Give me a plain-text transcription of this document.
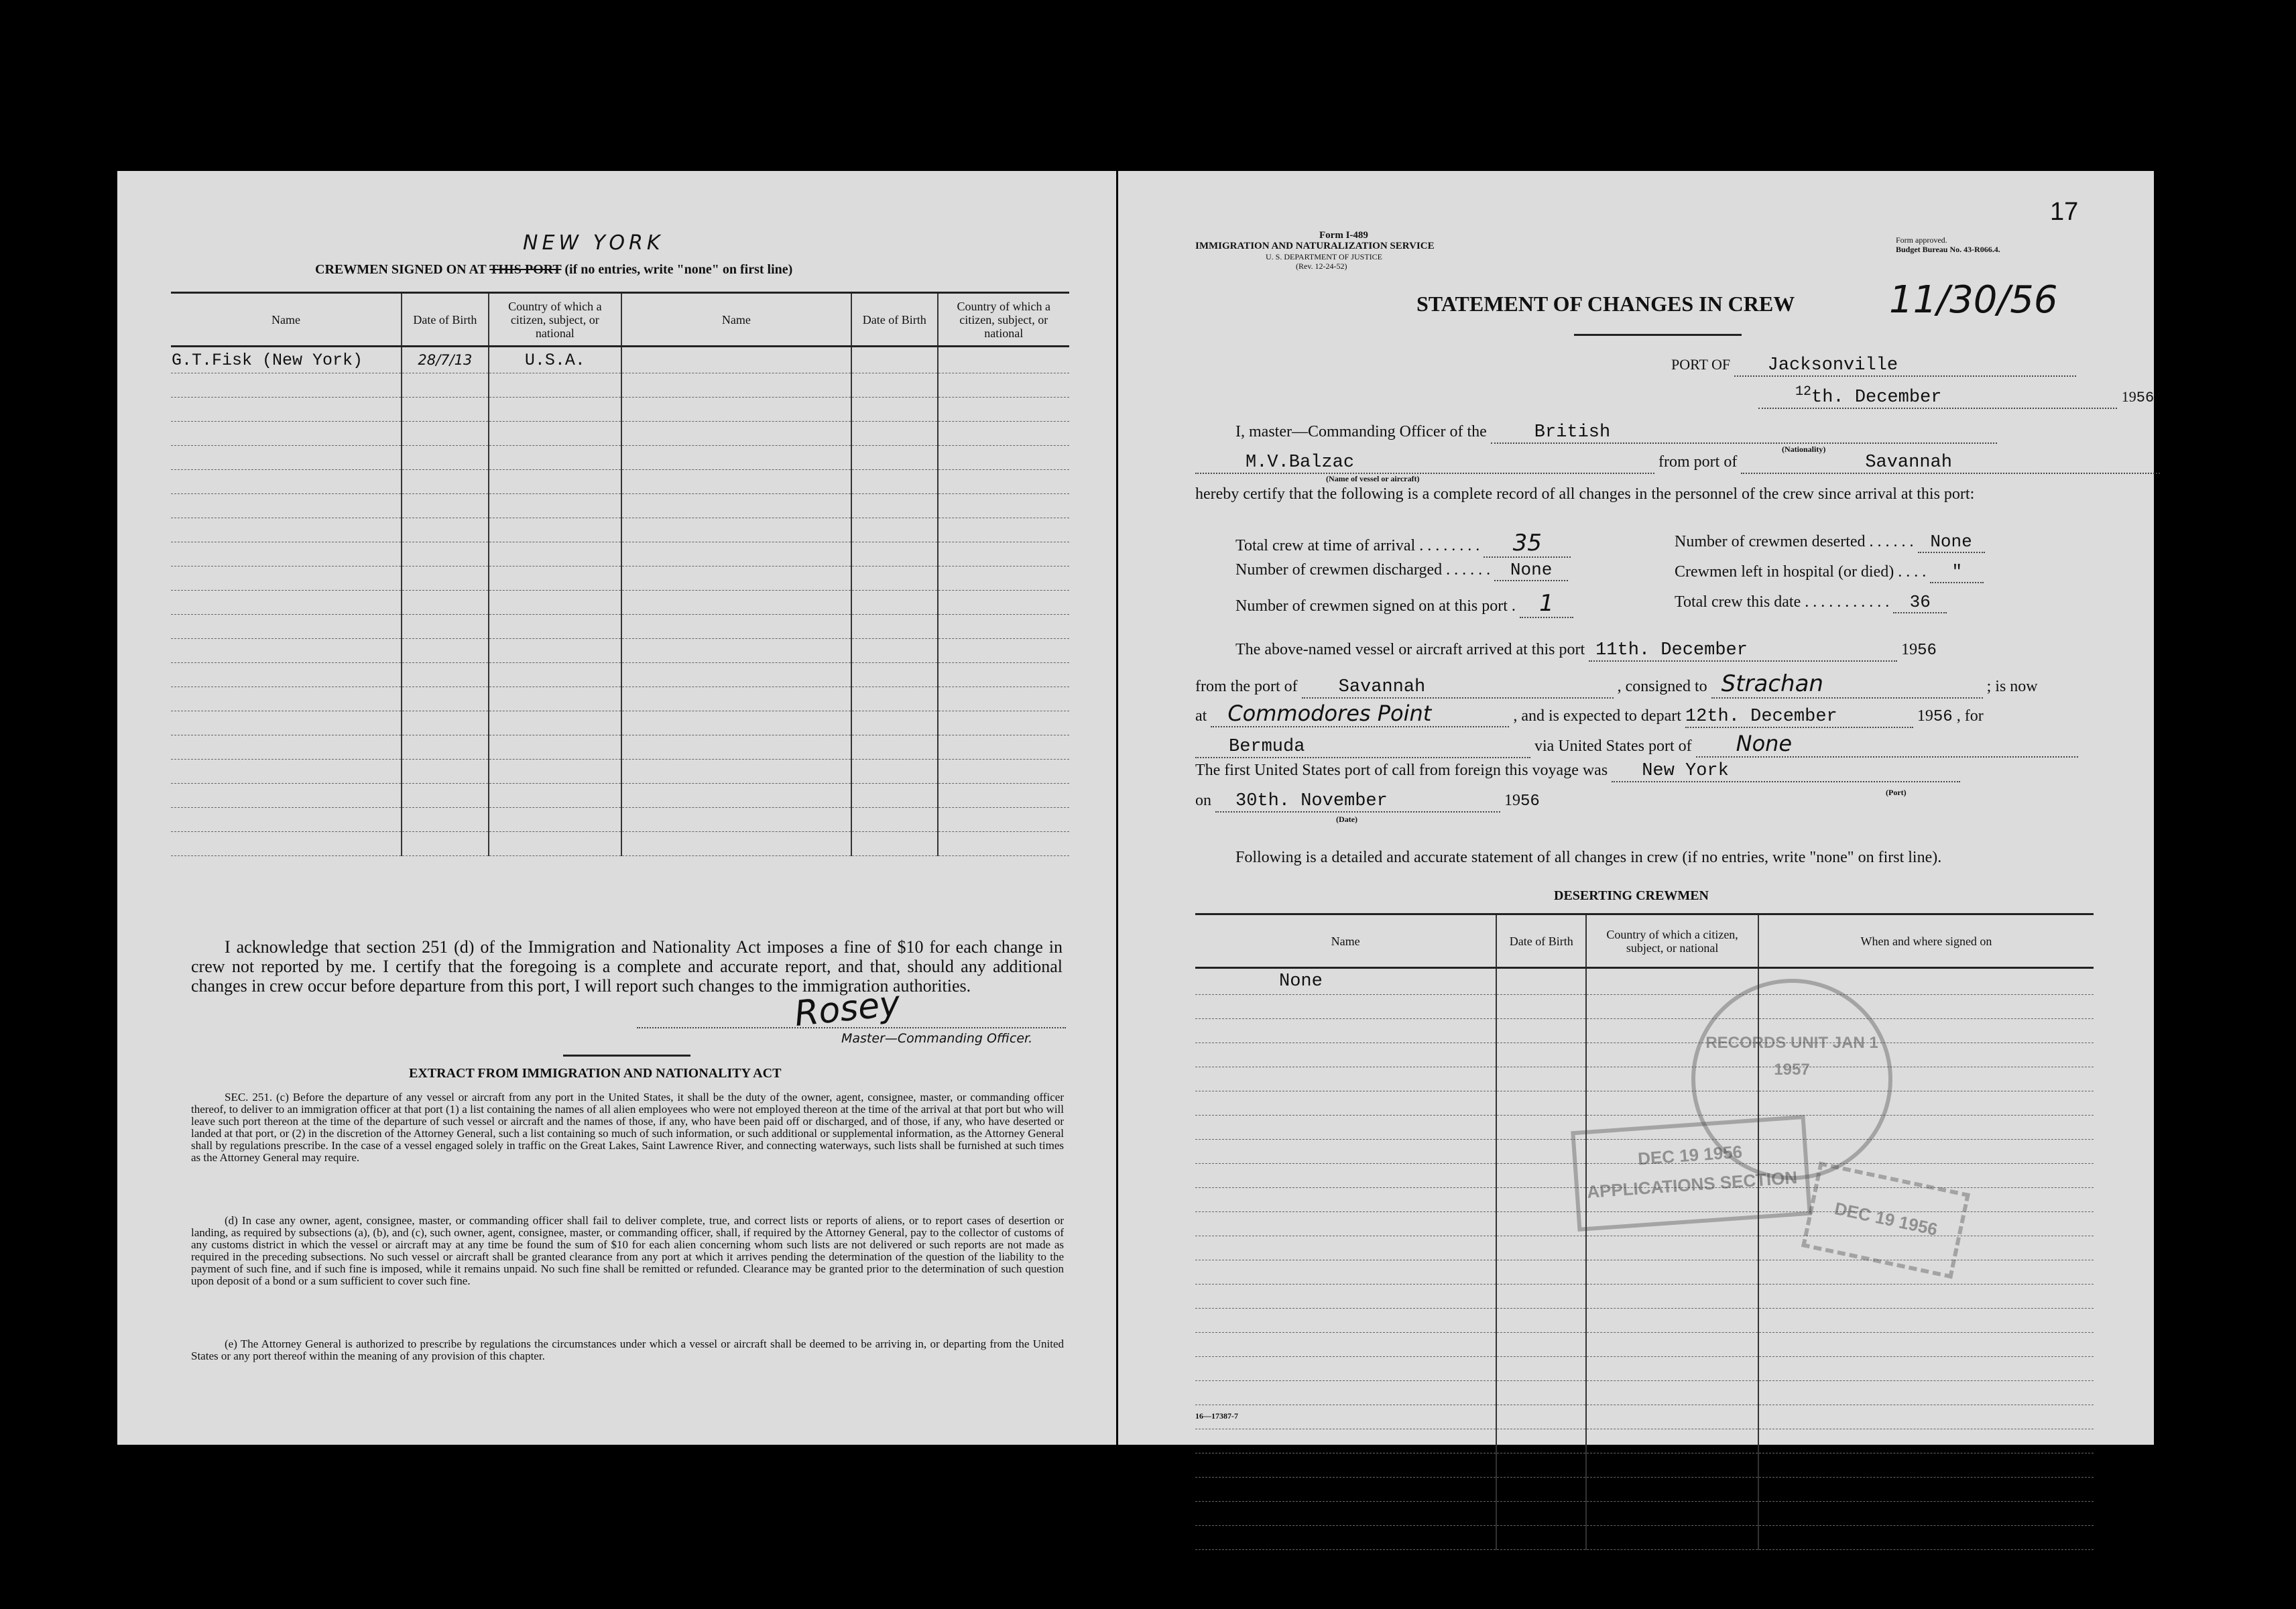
NEW YORK
CREWMEN SIGNED ON AT THIS PORT (if no entries, write "none" on first line)
Name	Date of Birth	Country of which a citizen, subject, or national	Name	Date of Birth	Country of which a citizen, subject, or national
G.T.Fisk (New York)	28/7/13	U.S.A.			

I acknowledge that section 251 (d) of the Immigration and Nationality Act imposes a fine of $10 for each change in crew not reported by me. I certify that the foregoing is a complete and accurate report, and that, should any additional changes in crew occur before departure from this port, I will report such changes to the immigration authorities.
Rosey
Master—Commanding Officer.
EXTRACT FROM IMMIGRATION AND NATIONALITY ACT
SEC. 251. (c) Before the departure of any vessel or aircraft from any port in the United States, it shall be the duty of the owner, agent, consignee, master, or commanding officer thereof, to deliver to an immigration officer at that port (1) a list containing the names of all alien employees who were not employed thereon at the time of the arrival at that port but who will leave such port thereon at the time of the departure of such vessel or aircraft and the names of those, if any, who have been paid off or discharged, and of those, if any, who have deserted or landed at that port, or (2) in the discretion of the Attorney General, such a list containing so much of such information, or such additional or supplemental information, as the Attorney General shall by regulations prescribe. In the case of a vessel engaged solely in traffic on the Great Lakes, Saint Lawrence River, and connecting waterways, such lists shall be furnished at such times as the Attorney General may require.
(d) In case any owner, agent, consignee, master, or commanding officer shall fail to deliver complete, true, and correct lists or reports of aliens, or to report cases of desertion or landing, as required by subsections (a), (b), and (c), such owner, agent, consignee, master, or commanding officer, shall, if required by the Attorney General, pay to the collector of customs of any customs district in which the vessel or aircraft may at any time be found the sum of $10 for each alien concerning whom such lists are not delivered or such reports are not made as required in the preceding subsections. No such vessel or aircraft shall be granted clearance from any port at which it arrives pending the determination of the question of the liability to the payment of such fine, and if such fine is imposed, while it remains unpaid. No such fine shall be remitted or refunded. Clearance may be granted prior to the determination of such question upon deposit of a bond or a sum sufficient to cover such fine.
(e) The Attorney General is authorized to prescribe by regulations the circumstances under which a vessel or aircraft shall be deemed to be arriving in, or departing from the United States or any port thereof within the meaning of any provision of this chapter.
17
Form I-489
IMMIGRATION AND NATURALIZATION SERVICE
U. S. DEPARTMENT OF JUSTICE
(Rev. 12-24-52)
Form approved.
Budget Bureau No. 43-R066.4.
STATEMENT OF CHANGES IN CREW	11/30/56
PORT OF Jacksonville
$^{12}$th. December	1956
I, master—Commanding Officer of the	British
(Nationality)
M.V.Balzac	from port of	Savannah
(Name of vessel or aircraft)
hereby certify that the following is a complete record of all changes in the personnel of the crew since arrival at this port:
Total crew at time of arrival . . . . . . . . 35	Number of crewmen deserted . . . . . . None
Number of crewmen discharged . . . . . . None	Crewmen left in hospital (or died) . . . . "
Number of crewmen signed on at this port . 1	Total crew this date . . . . . . . . . . . 36
The above-named vessel or aircraft arrived at this port 11th. December	1956
from the port of Savannah	, consigned to Strachan	; is now
at Commodores Point	, and is expected to depart 12th. December	1956 , for
Bermuda	via United States port of None
The first United States port of call from foreign this voyage was New York
(Port)
on 30th. November	1956
(Date)
Following is a detailed and accurate statement of all changes in crew (if no entries, write "none" on first line).
DESERTING CREWMEN
Name	Date of Birth	Country of which a citizen, subject, or national	When and where signed on
None			

RECORDS UNIT JAN 1 1957
DEC 19 1956 APPLICATIONS SECTION
DEC 19 1956
16—17387-7
